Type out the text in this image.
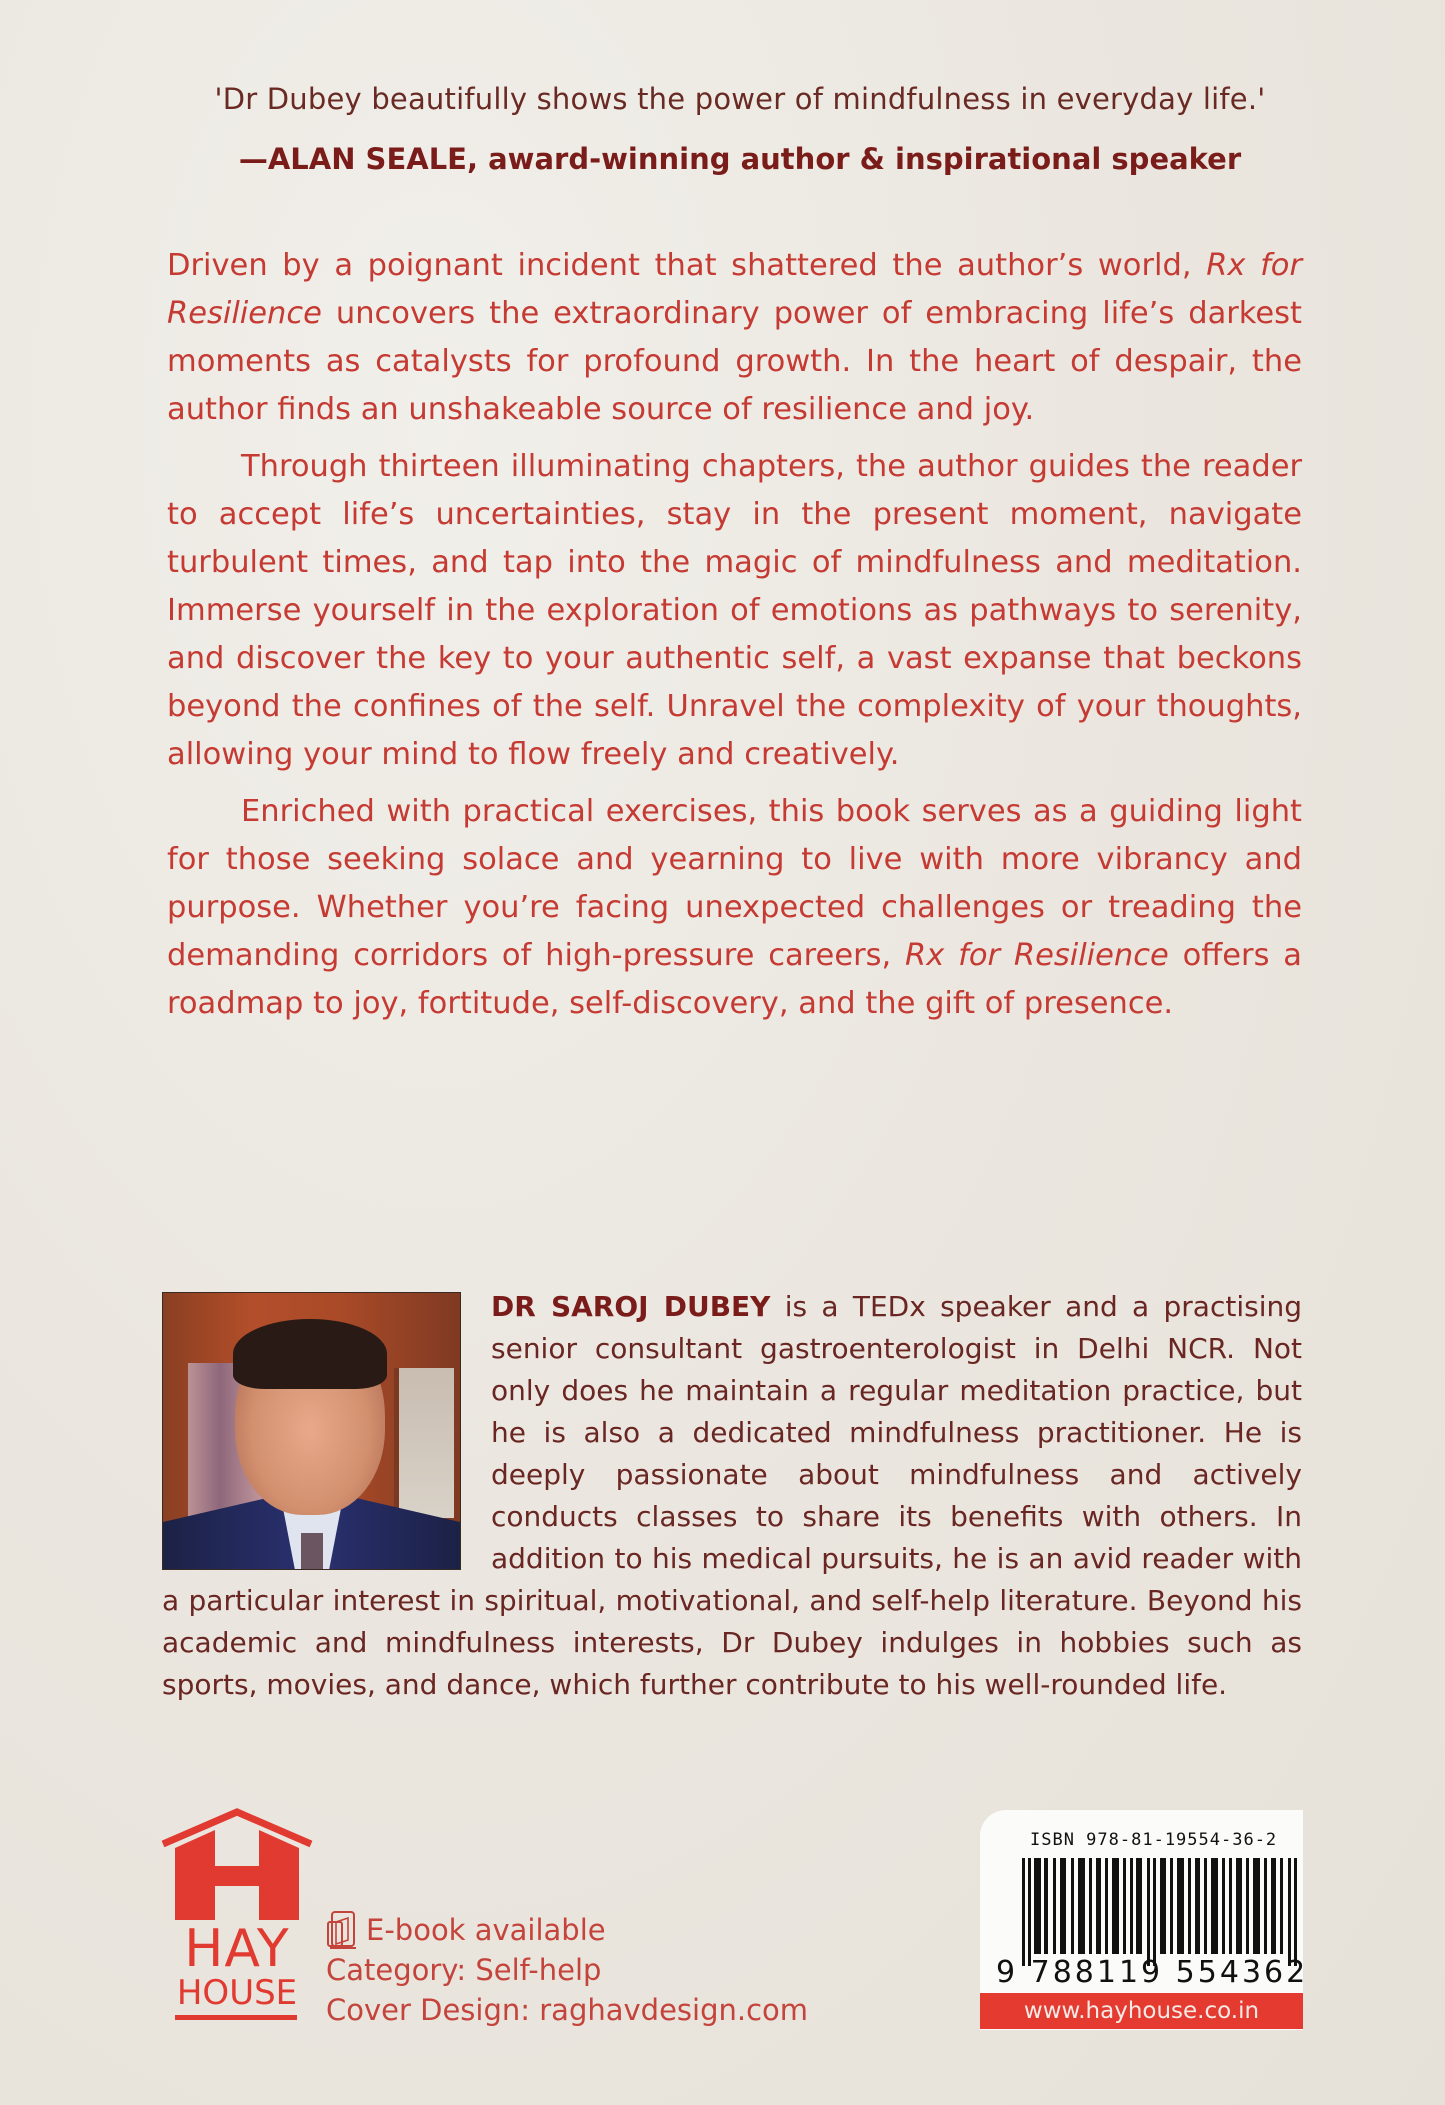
'Dr Dubey beautifully shows the power of mindfulness in everyday life.'
—ALAN SEALE, award-winning author & inspirational speaker

Driven by a poignant incident that shattered the author’s world, Rx for Resilience uncovers the extraordinary power of embracing life’s darkest moments as catalysts for profound growth. In the heart of despair, the author finds an unshakeable source of resilience and joy.

Through thirteen illuminating chapters, the author guides the reader to accept life’s uncertainties, stay in the present moment, navigate turbulent times, and tap into the magic of mindfulness and meditation. Immerse yourself in the exploration of emotions as pathways to serenity, and discover the key to your authentic self, a vast expanse that beckons beyond the confines of the self. Unravel the complexity of your thoughts, allowing your mind to flow freely and creatively.

Enriched with practical exercises, this book serves as a guiding light for those seeking solace and yearning to live with more vibrancy and purpose. Whether you’re facing unexpected challenges or treading the demanding corridors of high-pressure careers, Rx for Resilience offers a roadmap to joy, fortitude, self-discovery, and the gift of presence.

DR SAROJ DUBEY is a TEDx speaker and a practising senior consultant gastroenterologist in Delhi NCR. Not only does he maintain a regular meditation practice, but he is also a dedicated mindfulness practitioner. He is deeply passionate about mindfulness and actively conducts classes to share its benefits with others. In addition to his medical pursuits, he is an avid reader with a particular interest in spiritual, motivational, and self-help literature. Beyond his academic and mindfulness interests, Dr Dubey indulges in hobbies such as sports, movies, and dance, which further contribute to his well-rounded life.
HAY
HOUSE
E-book available
Category: Self-help
Cover Design: raghavdesign.com
ISBN 978-81-19554-36-2
9 788119 554362
www.hayhouse.co.in
